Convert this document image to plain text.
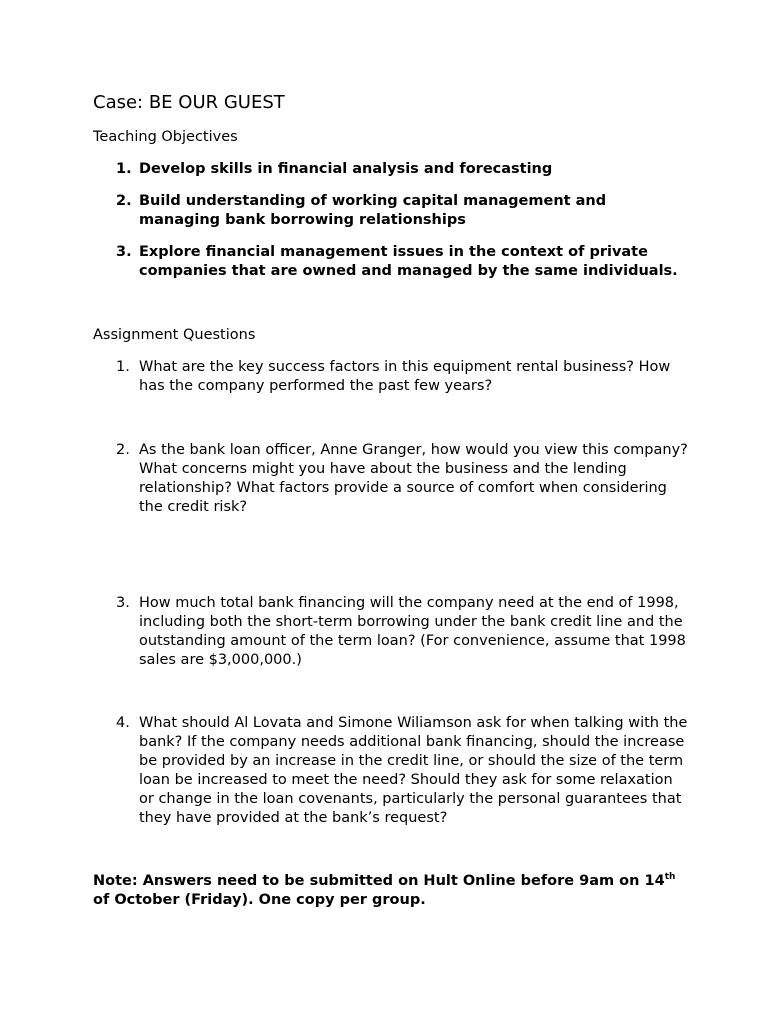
Case: BE OUR GUEST
Teaching Objectives
1. Develop skills in financial analysis and forecasting
2. Build understanding of working capital management and managing bank borrowing relationships
3. Explore financial management issues in the context of private companies that are owned and managed by the same individuals.
Assignment Questions
1. What are the key success factors in this equipment rental business? How has the company performed the past few years?
2. As the bank loan officer, Anne Granger, how would you view this company? What concerns might you have about the business and the lending relationship? What factors provide a source of comfort when considering the credit risk?
3. How much total bank financing will the company need at the end of 1998, including both the short-term borrowing under the bank credit line and the outstanding amount of the term loan? (For convenience, assume that 1998 sales are $3,000,000.)
4. What should Al Lovata and Simone Wiliamson ask for when talking with the bank? If the company needs additional bank financing, should the increase be provided by an increase in the credit line, or should the size of the term loan be increased to meet the need? Should they ask for some relaxation or change in the loan covenants, particularly the personal guarantees that they have provided at the bank’s request?

Note: Answers need to be submitted on Hult Online before 9am on 14th of October (Friday). One copy per group.
